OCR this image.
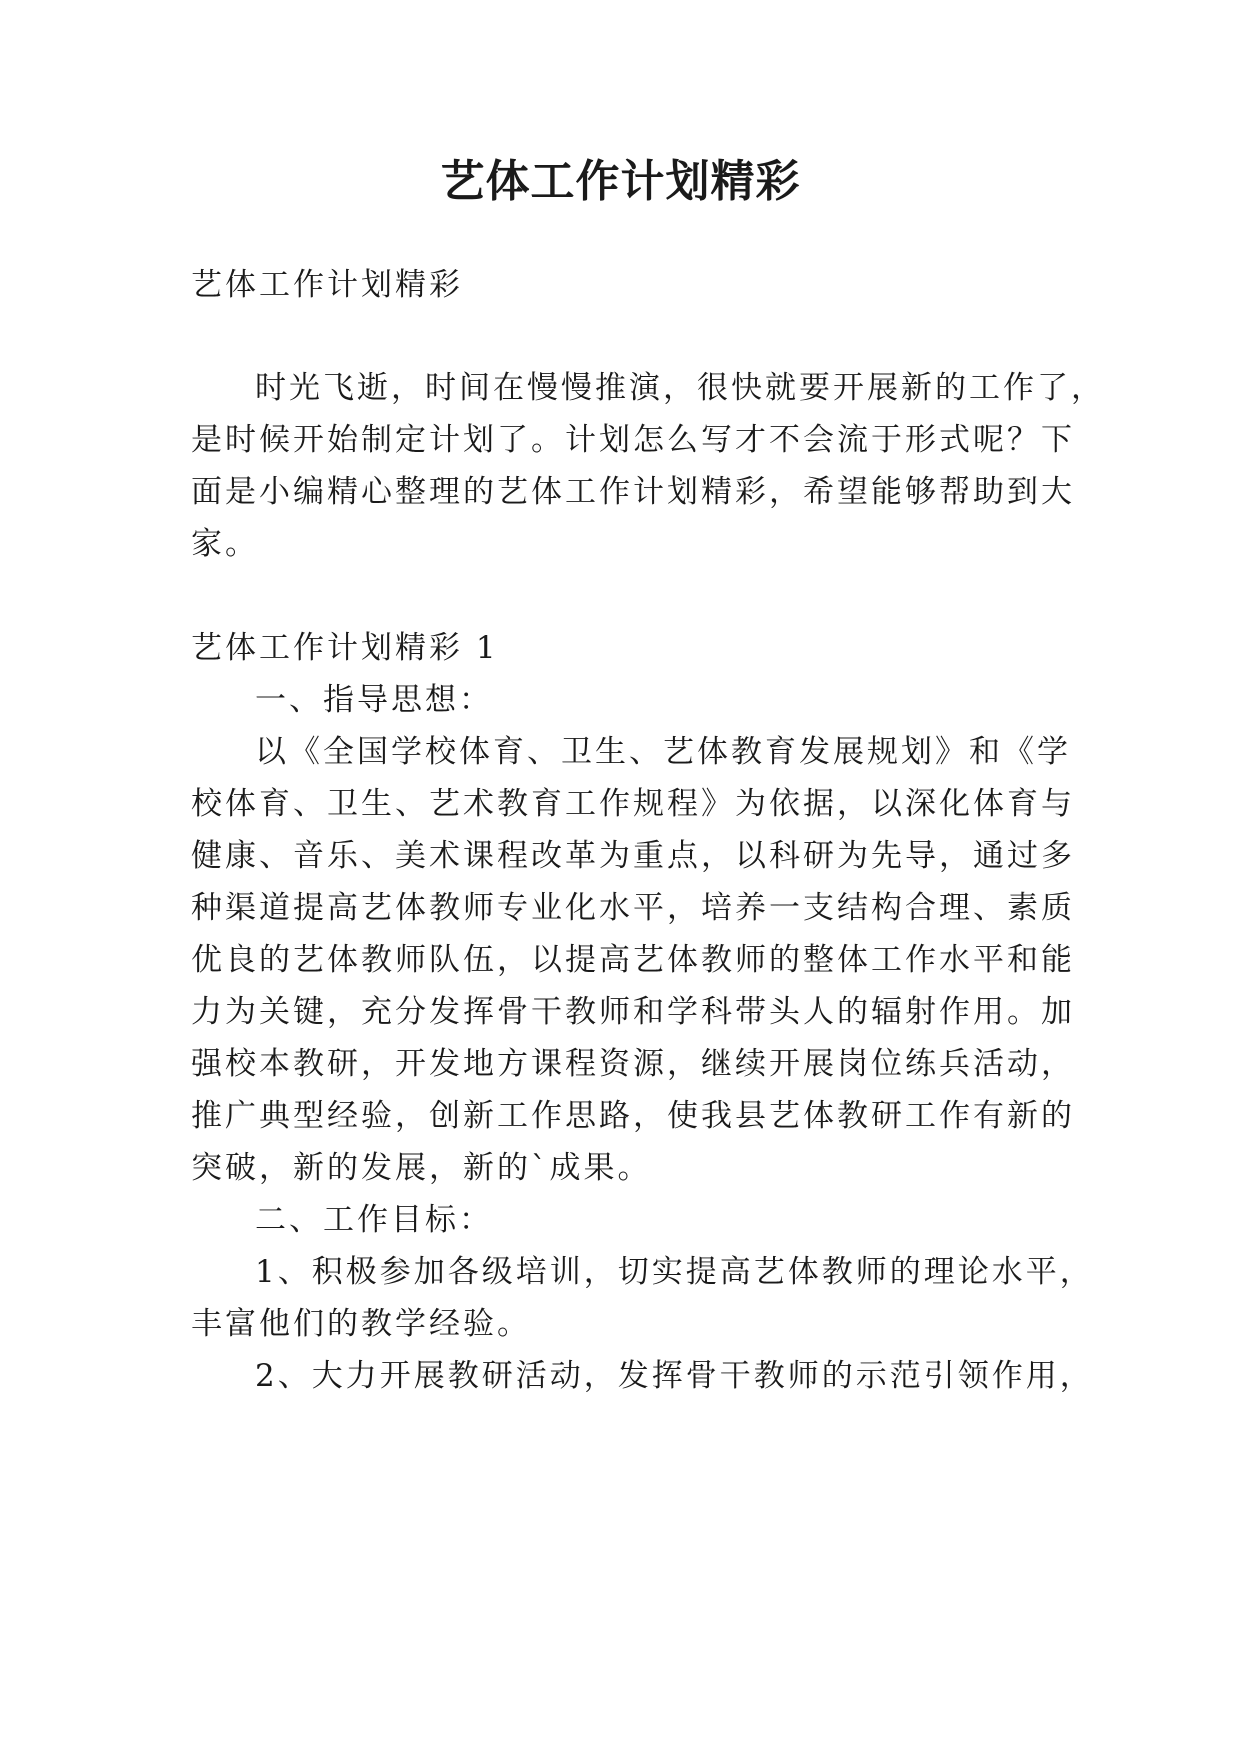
艺体工作计划精彩

艺体工作计划精彩

时光飞逝，时间在慢慢推演，很快就要开展新的工作了，

是时候开始制定计划了。计划怎么写才不会流于形式呢？下

面是小编精心整理的艺体工作计划精彩，希望能够帮助到大

家。

艺体工作计划精彩 1

一、指导思想：

以《全国学校体育、卫生、艺体教育发展规划》和《学

校体育、卫生、艺术教育工作规程》为依据，以深化体育与

健康、音乐、美术课程改革为重点，以科研为先导，通过多

种渠道提高艺体教师专业化水平，培养一支结构合理、素质

优良的艺体教师队伍，以提高艺体教师的整体工作水平和能

力为关键，充分发挥骨干教师和学科带头人的辐射作用。加

强校本教研，开发地方课程资源，继续开展岗位练兵活动，

推广典型经验，创新工作思路，使我县艺体教研工作有新的

突破，新的发展，新的`成果。

二、工作目标：

1、积极参加各级培训，切实提高艺体教师的理论水平，

丰富他们的教学经验。

2、大力开展教研活动，发挥骨干教师的示范引领作用，
